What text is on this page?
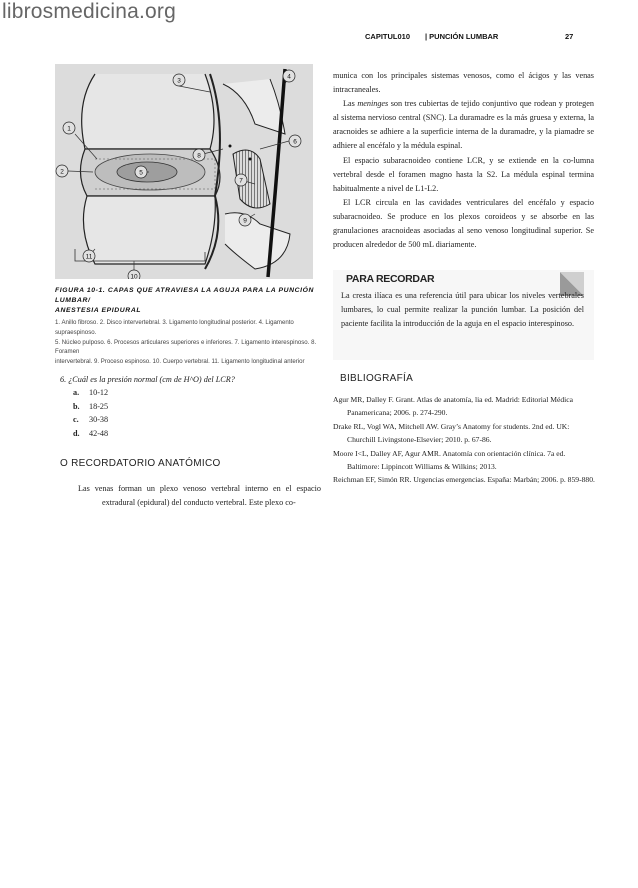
librosmedicina.org
CAPITUL010 | PUNCIÓN LUMBAR	27
1
2
3
4
5
6
7
8
9
10
11
FIGURA 10-1. CAPAS QUE ATRAVIESA LA AGUJA PARA LA PUNCIÓN LUMBAR/
ANESTESIA EPIDURAL
1. Anillo fibroso. 2. Disco intervertebral. 3. Ligamento longitudinal posterior. 4. Ligamento supraespinoso.
5. Núcleo pulposo. 6. Procesos articulares superiores e inferiores. 7. Ligamento interespinoso. 8. Foramen
intervertebral. 9. Proceso espinoso. 10. Cuerpo vertebral. 11. Ligamento longitudinal anterior

munica con los principales sistemas venosos, como el ácigos y las venas intracraneales.

Las meninges son tres cubiertas de tejido conjuntivo que rodean y protegen al sistema nervioso central (SNC). La duramadre es la más gruesa y externa, la aracnoides se adhiere a la superficie interna de la duramadre, y la piamadre se adhiere al encéfalo y la médula espinal.

El espacio subaracnoideo contiene LCR, y se extiende en la co-lumna vertebral desde el foramen magno hasta la S2. La médula espinal termina habitualmente a nivel de L1-L2.

El LCR circula en las cavidades ventriculares del encéfalo y espacio subaracnoideo. Se produce en los plexos coroideos y se absorbe en las granulaciones aracnoideas asociadas al seno venoso longitudinal superior. Se producen alrededor de 500 mL diariamente.

PARA RECORDAR
La cresta ilíaca es una referencia útil para ubicar los niveles vertebrales lumbares, lo cual permite realizar la punción lumbar. La posición del paciente facilita la introducción de la aguja en el espacio interespinoso.
6. ¿Cuál es la presión normal (cm de H^O) del LCR?
a.	10-12
b.	18-25
c.	30-38
d.	42-48
O RECORDATORIO ANATÓMICO

Las venas forman un plexo venoso vertebral interno en el espacio extradural (epidural) del conducto vertebral. Este plexo co-

BIBLIOGRAFÍA
Agur MR, Dalley F. Grant. Atlas de anatomía, lia ed. Madrid: Editorial Médica Panamericana; 2006. p. 274-290.
Drake RL, Vogl WA, Mitchell AW. Gray’s Anatomy for students. 2nd ed. UK: Churchill Livingstone-Elsevier; 2010. p. 67-86.
Moore I<L, Dalley AF, Agur AMR. Anatomía con orientación clínica. 7a ed. Baltimore: Lippincott Williams & Wilkins; 2013.
Reichman EF, Simón RR. Urgencias emergencias. España: Marbán; 2006. p. 859-880.
